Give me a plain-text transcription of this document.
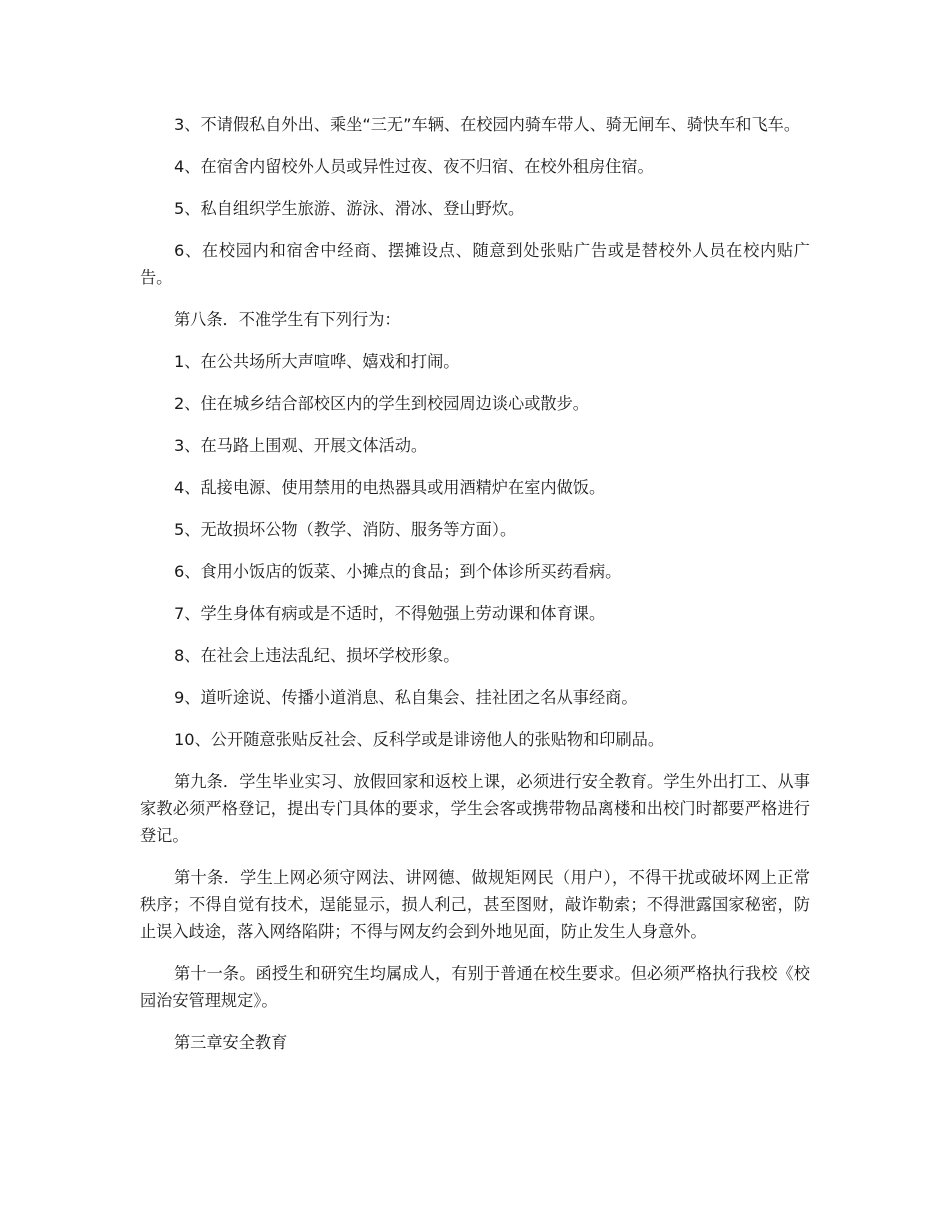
3、不请假私自外出、乘坐“三无”车辆、在校园内骑车带人、骑无闸车、骑快车和飞车。

4、在宿舍内留校外人员或异性过夜、夜不归宿、在校外租房住宿。

5、私自组织学生旅游、游泳、滑冰、登山野炊。

6、在校园内和宿舍中经商、摆摊设点、随意到处张贴广告或是替校外人员在校内贴广告。

第八条．不准学生有下列行为：

1、在公共场所大声喧哗、嬉戏和打闹。

2、住在城乡结合部校区内的学生到校园周边谈心或散步。

3、在马路上围观、开展文体活动。

4、乱接电源、使用禁用的电热器具或用酒精炉在室内做饭。

5、无故损坏公物（教学、消防、服务等方面）。

6、食用小饭店的饭菜、小摊点的食品；到个体诊所买药看病。

7、学生身体有病或是不适时，不得勉强上劳动课和体育课。

8、在社会上违法乱纪、损坏学校形象。

9、道听途说、传播小道消息、私自集会、挂社团之名从事经商。

10、公开随意张贴反社会、反科学或是诽谤他人的张贴物和印刷品。

第九条．学生毕业实习、放假回家和返校上课，必须进行安全教育。学生外出打工、从事家教必须严格登记，提出专门具体的要求，学生会客或携带物品离楼和出校门时都要严格进行登记。

第十条．学生上网必须守网法、讲网德、做规矩网民（用户），不得干扰或破坏网上正常秩序；不得自觉有技术，逞能显示，损人利己，甚至图财，敲诈勒索；不得泄露国家秘密，防止误入歧途，落入网络陷阱；不得与网友约会到外地见面，防止发生人身意外。

第十一条。函授生和研究生均属成人，有别于普通在校生要求。但必须严格执行我校《校园治安管理规定》。

第三章安全教育
